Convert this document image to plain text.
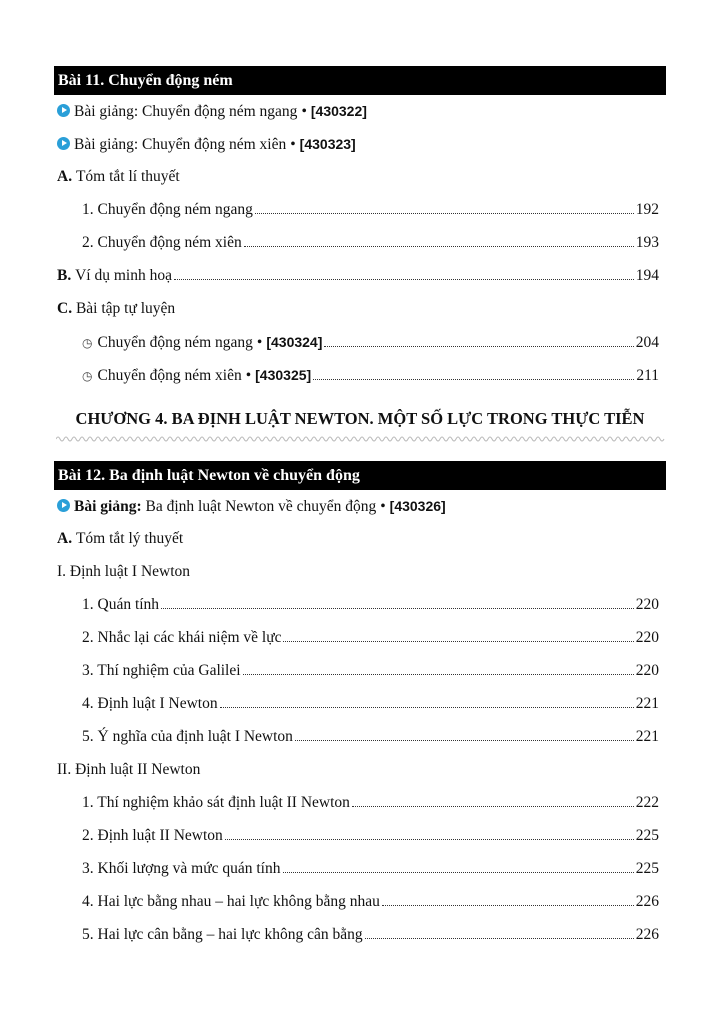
Bài 11. Chuyển động ném
Bài giảng: Chuyển động ném ngang • [430322]
Bài giảng: Chuyển động ném xiên • [430323]
A.
Tóm tắt lí thuyết
1. Chuyển động ném ngang	192
2. Chuyển động ném xiên	193
B.
Ví dụ minh hoạ	194
C.
Bài tập tự luyện
◷ Chuyển động ném ngang • [430324]	204
◷ Chuyển động ném xiên • [430325]	211
CHƯƠNG 4. BA ĐỊNH LUẬT NEWTON. MỘT SỐ LỰC TRONG THỰC TIỄN
Bài 12. Ba định luật Newton về chuyển động
Bài giảng:
Ba định luật Newton về chuyển động • [430326]
A.
Tóm tắt lý thuyết
I. Định luật I Newton
1. Quán tính	220
2. Nhắc lại các khái niệm về lực	220
3. Thí nghiệm của Galilei	220
4. Định luật I Newton	221
5. Ý nghĩa của định luật I Newton	221
II. Định luật II Newton
1. Thí nghiệm khảo sát định luật II Newton	222
2. Định luật II Newton	225
3. Khối lượng và mức quán tính	225
4. Hai lực bằng nhau – hai lực không bằng nhau	226
5. Hai lực cân bằng – hai lực không cân bằng	226
